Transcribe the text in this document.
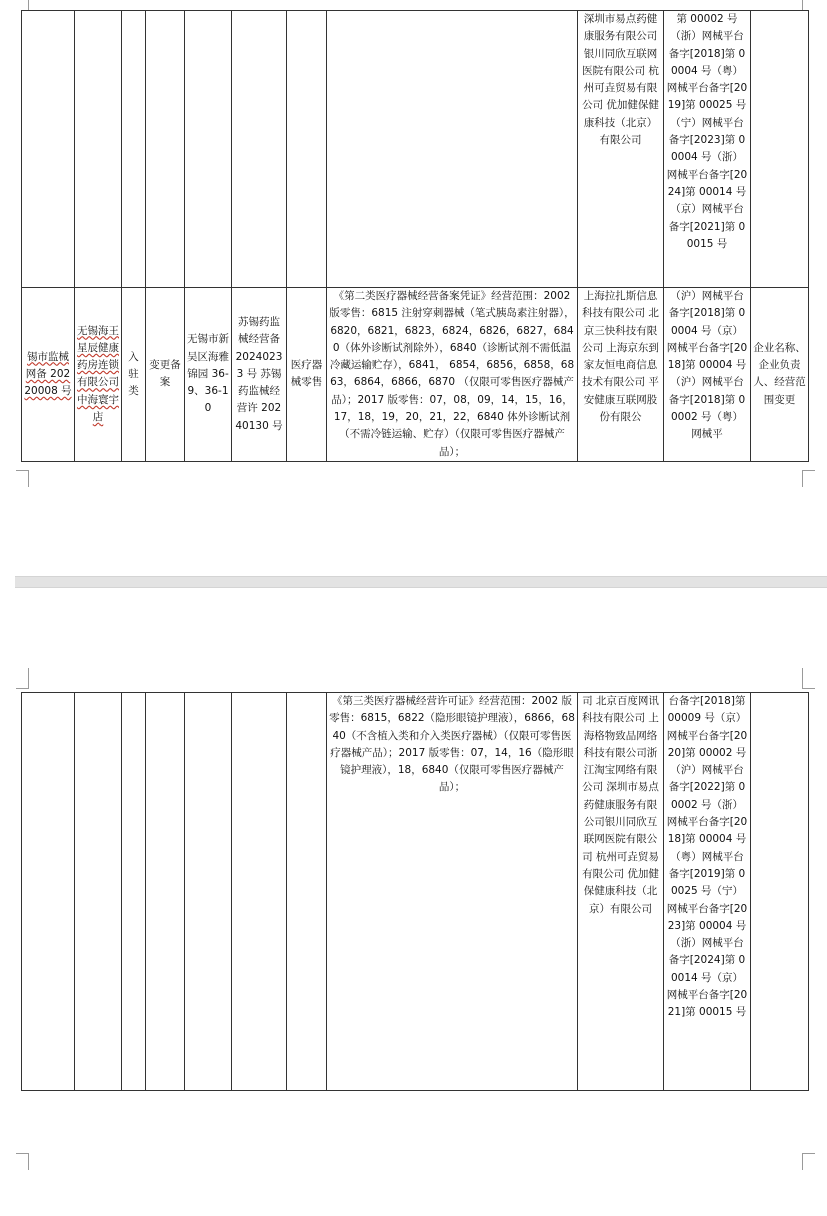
								深圳市易点药健康服务有限公司银川同欣互联网医院有限公司 杭州可垚贸易有限公司 优加健保健康科技（北京）有限公司	第 00002 号（浙）网械平台备字[2018]第 00004 号（粤）网械平台备字[2019]第 00025 号（宁）网械平台备字[2023]第 00004 号（浙）网械平台备字[2024]第 00014 号（京）网械平台备字[2021]第 00015 号	
锡市监械网备 20220008 号	无锡海王星辰健康药房连锁有限公司中海寰宇店	入驻类	变更备案	无锡市新吴区海雅锦园 36-9、36-10	苏锡药监械经营备 20240233 号 苏锡药监械经营许 20240130 号	医疗器械零售	《第二类医疗器械经营备案凭证》经营范围：2002 版零售：6815 注射穿刺器械（笔式胰岛素注射器），6820，6821，6823，6824，6826，6827，6840（体外诊断试剂除外），6840（诊断试剂不需低温冷藏运输贮存），6841， 6854，6856，6858，6863，6864，6866，6870 （仅限可零售医疗器械产品）；2017 版零售：07，08，09，14，15，16，17，18，19，20，21，22，6840 体外诊断试剂（不需冷链运输、贮存）（仅限可零售医疗器械产品）；	上海拉扎斯信息科技有限公司 北京三快科技有限公司 上海京东到家友恒电商信息技术有限公司 平安健康互联网股份有限公	（沪）网械平台备字[2018]第 00004 号（京）网械平台备字[2018]第 00004 号（沪）网械平台备字[2018]第 00002 号（粤）网械平	企业名称、企业负责人、经营范围变更
							《第三类医疗器械经营许可证》经营范围：2002 版零售：6815，6822（隐形眼镜护理液），6866，6840（不含植入类和介入类医疗器械）（仅限可零售医疗器械产品）；2017 版零售：07，14，16（隐形眼镜护理液），18，6840（仅限可零售医疗器械产品）；	司 北京百度网讯科技有限公司 上海格物致品网络科技有限公司浙江淘宝网络有限公司 深圳市易点药健康服务有限公司银川同欣互联网医院有限公司 杭州可垚贸易有限公司 优加健保健康科技（北京）有限公司	台备字[2018]第 00009 号（京）网械平台备字[2020]第 00002 号（沪）网械平台备字[2022]第 00002 号（浙）网械平台备字[2018]第 00004 号（粤）网械平台备字[2019]第 00025 号（宁）网械平台备字[2023]第 00004 号（浙）网械平台备字[2024]第 00014 号（京）网械平台备字[2021]第 00015 号	
